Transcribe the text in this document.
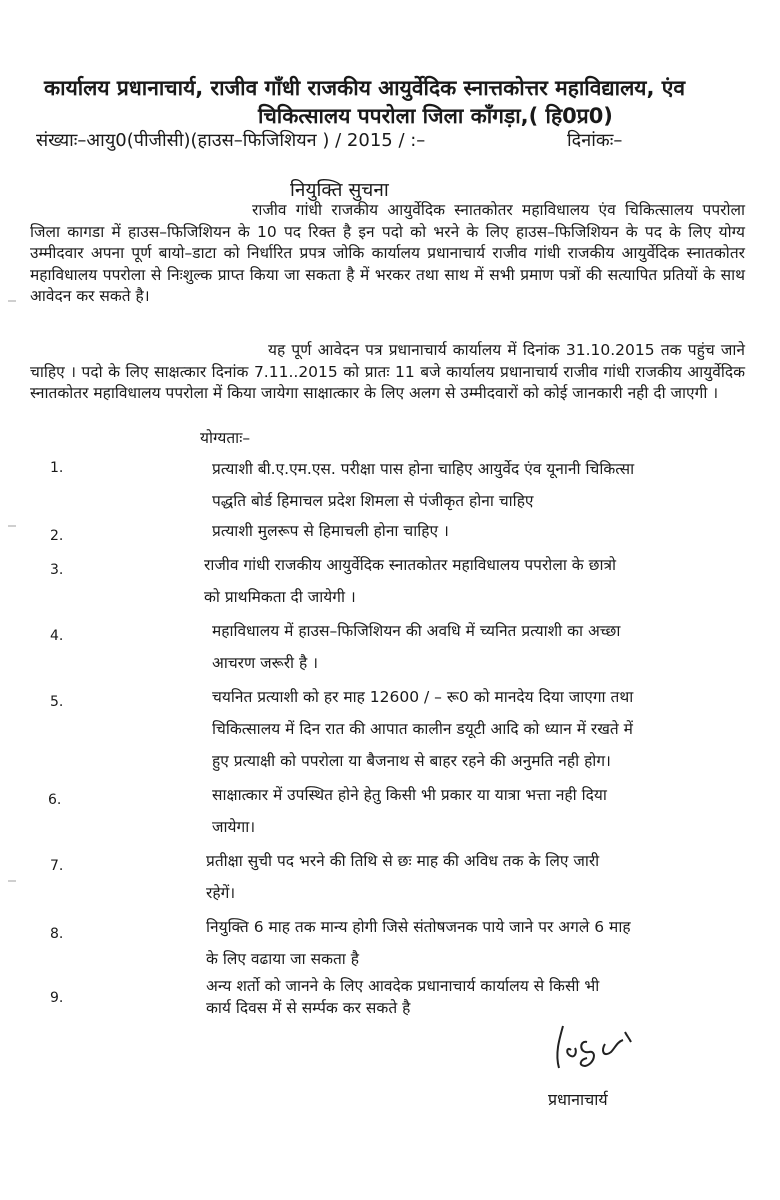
कार्यालय प्रधानाचार्य, राजीव गाँधी राजकीय आयुर्वेदिक स्नात्तकोत्तर महाविद्यालय, एंव
चिकित्सालय पपरोला जिला काँगड़ा,( हि0प्र0)
संख्याः–आयु0(पीजीसी)(हाउस–फिजिशियन ) / 2015 / :–	दिनांकः–
नियुक्ति सुचना
राजीव गांधी राजकीय आयुर्वेदिक स्नातकोतर महाविधालय एंव चिकित्सालय पपरोला जिला कागडा में हाउस–फिजिशियन के 10 पद रिक्त है इन पदो को भरने के लिए हाउस–फिजिशियन के पद के लिए योग्य उम्मीदवार अपना पूर्ण बायो–डाटा को निर्धारित प्रपत्र जोकि कार्यालय प्रधानाचार्य राजीव गांधी राजकीय आयुर्वेदिक स्नातकोतर महाविधालय पपरोला से निःशुल्क प्राप्त किया जा सकता है में भरकर तथा साथ में सभी प्रमाण पत्रों की सत्यापित प्रतियों के साथ आवेदन कर सकते है।
यह पूर्ण आवेदन पत्र प्रधानाचार्य कार्यालय में दिनांक 31.10.2015 तक पहुंच जाने चाहिए । पदो के लिए साक्षत्कार दिनांक 7.11..2015 को प्रातः 11 बजे कार्यालय प्रधानाचार्य राजीव गांधी राजकीय आयुर्वेदिक स्नातकोतर महाविधालय पपरोला में किया जायेगा साक्षात्कार के लिए अलग से उम्मीदवारों को कोई जानकारी नही दी जाएगी ।
योग्यताः–
1.	प्रत्याशी बी.ए.एम.एस. परीक्षा पास होना चाहिए आयुर्वेद एंव यूनानी चिकित्सा
पद्धति बोर्ड हिमाचल प्रदेश शिमला से पंजीकृत होना चाहिए
2.	प्रत्याशी मुलरूप से हिमाचली होना चाहिए ।
3.	राजीव गांधी राजकीय आयुर्वेदिक स्नातकोतर महाविधालय पपरोला के छात्रो
को प्राथमिकता दी जायेगी ।
4.	महाविधालय में हाउस–फिजिशियन की अवधि में च्यनित प्रत्याशी का अच्छा
आचरण जरूरी है ।
5.	चयनित प्रत्याशी को हर माह 12600 / – रू0 को मानदेय दिया जाएगा तथा
चिकित्सालय में दिन रात की आपात कालीन डयूटी आदि को ध्यान में रखते में
हुए प्रत्याक्षी को पपरोला या बैजनाथ से बाहर रहने की अनुमति नही होग।
6.	साक्षात्कार में उपस्थित होने हेतु किसी भी प्रकार या यात्रा भत्ता नही दिया
जायेगा।
7.	प्रतीक्षा सुची पद भरने की तिथि से छः माह की अविध तक के लिए जारी
रहेगें।
8.	नियुक्ति 6 माह तक मान्य होगी जिसे संतोषजनक पाये जाने पर अगले 6 माह
के लिए वढाया जा सकता है
9.
अन्य शर्तो को जानने के लिए आवदेक प्रधानाचार्य कार्यालय से किसी भी
कार्य दिवस में से सर्म्पक कर सकते है
प्रधानाचार्य
